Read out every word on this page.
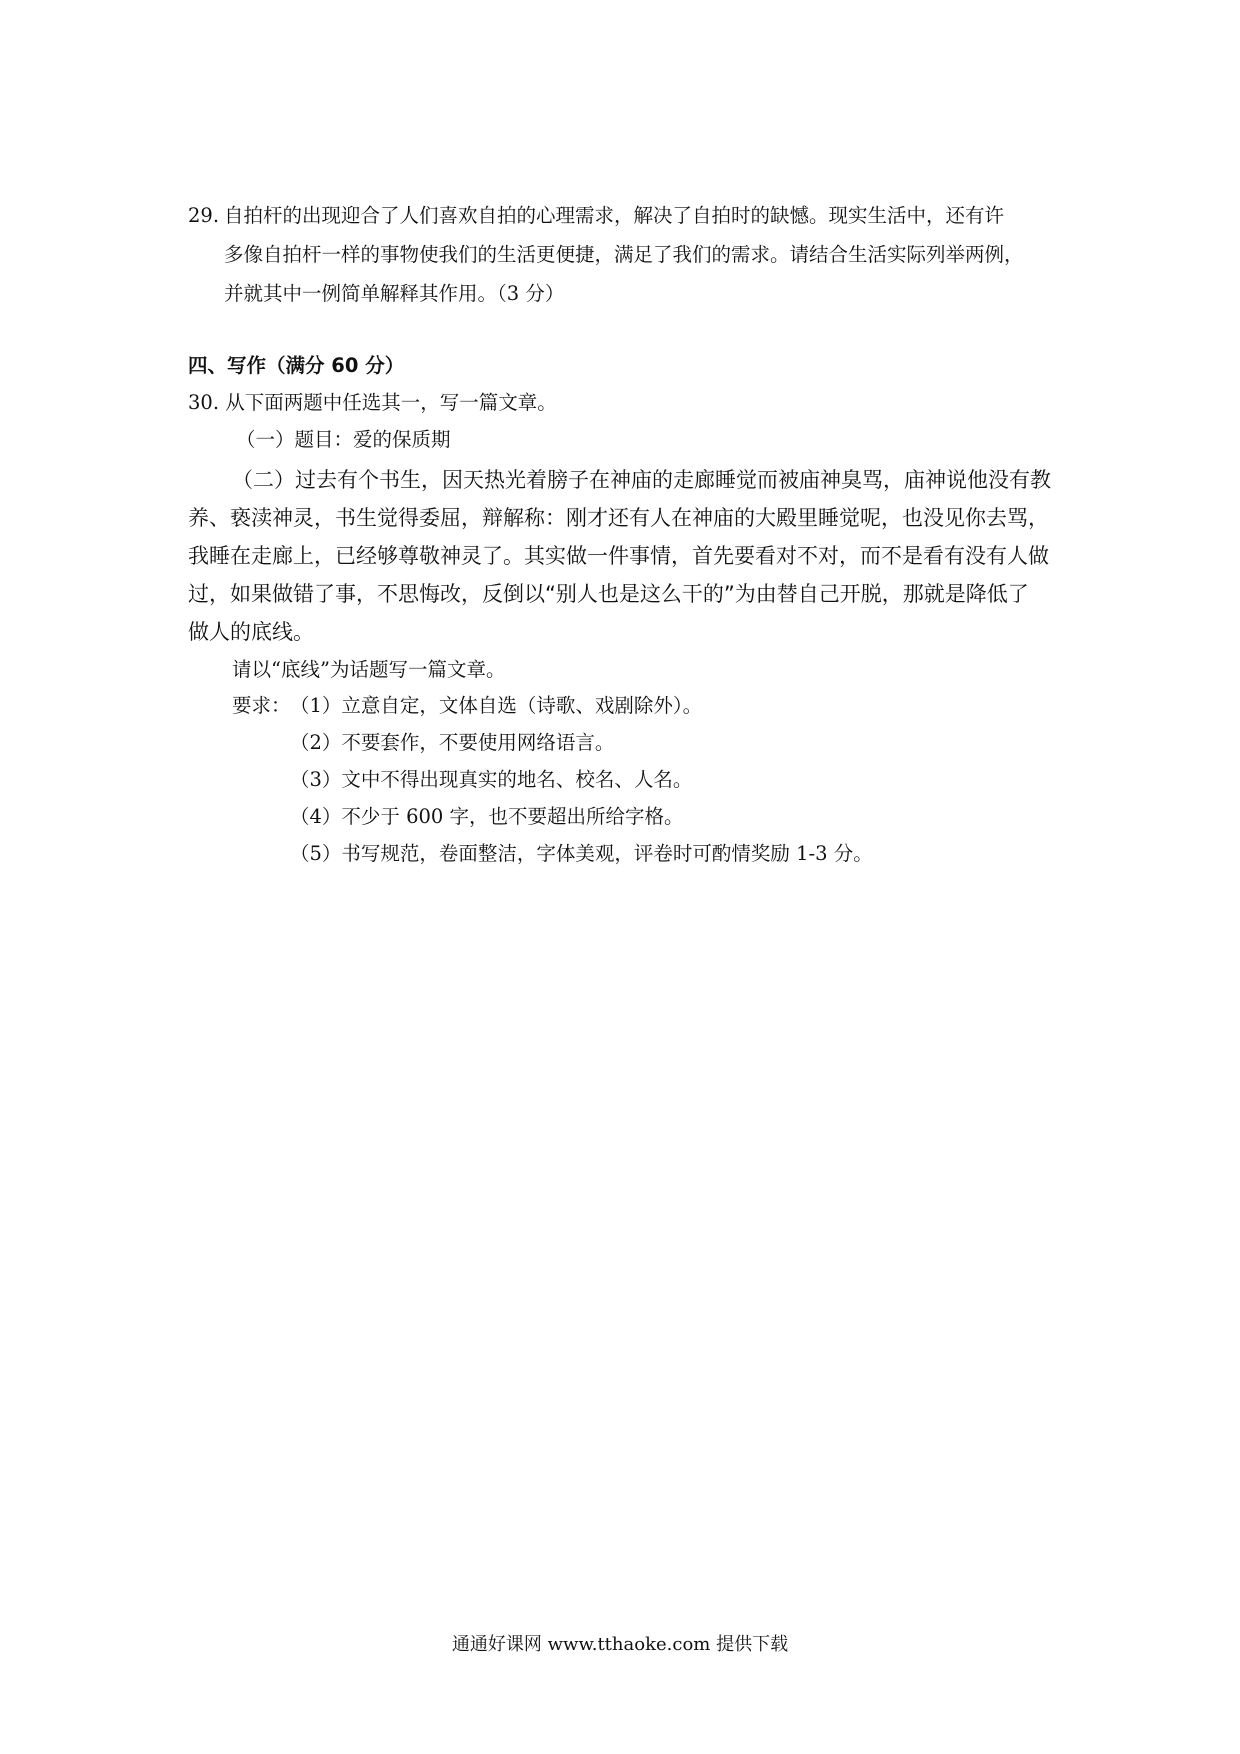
29. 自拍杆的出现迎合了人们喜欢自拍的心理需求，解决了自拍时的缺憾。现实生活中，还有许
多像自拍杆一样的事物使我们的生活更便捷，满足了我们的需求。请结合生活实际列举两例，
并就其中一例简单解释其作用。（3 分）
四、写作（满分 60 分）
30. 从下面两题中任选其一，写一篇文章。
（一）题目：爱的保质期
（二）过去有个书生，因天热光着膀子在神庙的走廊睡觉而被庙神臭骂，庙神说他没有教
养、亵渎神灵，书生觉得委屈，辩解称：刚才还有人在神庙的大殿里睡觉呢，也没见你去骂，
我睡在走廊上，已经够尊敬神灵了。其实做一件事情，首先要看对不对，而不是看有没有人做
过，如果做错了事，不思悔改，反倒以“别人也是这么干的”为由替自己开脱，那就是降低了
做人的底线。
请以“底线”为话题写一篇文章。
要求： （1）立意自定，文体自选（诗歌、戏剧除外）。
（2）不要套作，不要使用网络语言。
（3）文中不得出现真实的地名、校名、人名。
（4）不少于 600 字，也不要超出所给字格。
（5）书写规范，卷面整洁，字体美观，评卷时可酌情奖励 1-3 分。
通通好课网 www.tthaoke.com 提供下载
